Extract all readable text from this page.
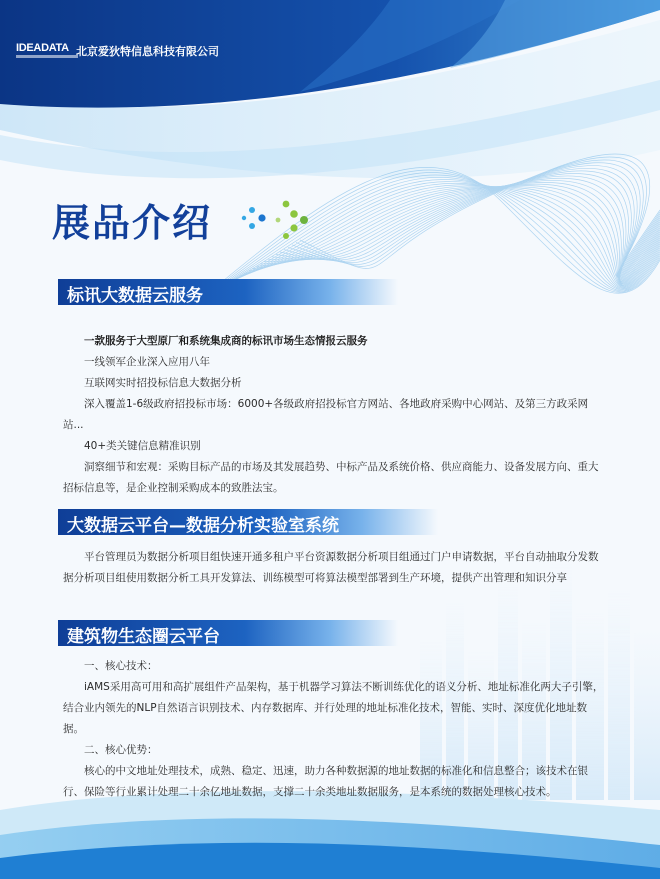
IDEADATA 北京爱狄特信息科技有限公司
展品介绍
标讯大数据云服务

一款服务于大型原厂和系统集成商的标讯市场生态情报云服务

一线领军企业深入应用八年

互联网实时招投标信息大数据分析

深入覆盖1-6级政府招投标市场：6000+各级政府招投标官方网站、各地政府采购中心网站、及第三方政采网站...

40+类关键信息精准识别

洞察细节和宏观：采购目标产品的市场及其发展趋势、中标产品及系统价格、供应商能力、设备发展方向、重大招标信息等，是企业控制采购成本的致胜法宝。

大数据云平台—数据分析实验室系统

平台管理员为数据分析项目组快速开通多租户平台资源数据分析项目组通过门户申请数据，平台自动抽取分发数据分析项目组使用数据分析工具开发算法、训练模型可将算法模型部署到生产环境，提供产出管理和知识分享

建筑物生态圈云平台

一、核心技术：

iAMS采用高可用和高扩展组件产品架构，基于机器学习算法不断训练优化的语义分析、地址标准化两大子引擎，结合业内领先的NLP自然语言识别技术、内存数据库、并行处理的地址标准化技术，智能、实时、深度优化地址数据。

二、核心优势：

核心的中文地址处理技术，成熟、稳定、迅速，助力各种数据源的地址数据的标准化和信息整合；该技术在银行、保险等行业累计处理二十余亿地址数据，支撑二十余类地址数据服务，是本系统的数据处理核心技术。
